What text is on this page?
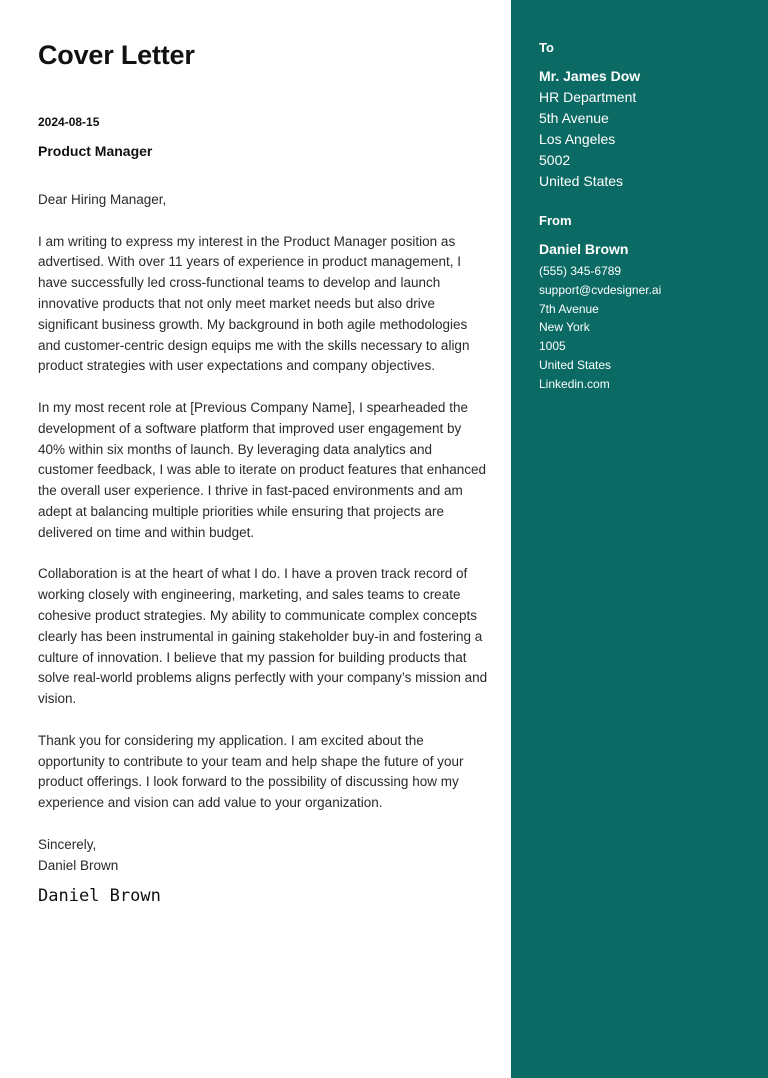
Cover Letter
2024-08-15
Product Manager

Dear Hiring Manager,

I am writing to express my interest in the Product Manager position as advertised. With over 11 years of experience in product management, I have successfully led cross-functional teams to develop and launch innovative products that not only meet market needs but also drive significant business growth. My background in both agile methodologies and customer-centric design equips me with the skills necessary to align product strategies with user expectations and company objectives.

In my most recent role at [Previous Company Name], I spearheaded the development of a software platform that improved user engagement by 40% within six months of launch. By leveraging data analytics and customer feedback, I was able to iterate on product features that enhanced the overall user experience. I thrive in fast-paced environments and am adept at balancing multiple priorities while ensuring that projects are delivered on time and within budget.

Collaboration is at the heart of what I do. I have a proven track record of working closely with engineering, marketing, and sales teams to create cohesive product strategies. My ability to communicate complex concepts clearly has been instrumental in gaining stakeholder buy-in and fostering a culture of innovation. I believe that my passion for building products that solve real-world problems aligns perfectly with your company’s mission and vision.

Thank you for considering my application. I am excited about the opportunity to contribute to your team and help shape the future of your product offerings. I look forward to the possibility of discussing how my experience and vision can add value to your organization.

Sincerely,
Daniel Brown
Daniel Brown
To
Mr. James Dow
HR Department
5th Avenue
Los Angeles
5002
United States
From
Daniel Brown
(555) 345-6789
support@cvdesigner.ai
7th Avenue
New York
1005
United States
Linkedin.com
